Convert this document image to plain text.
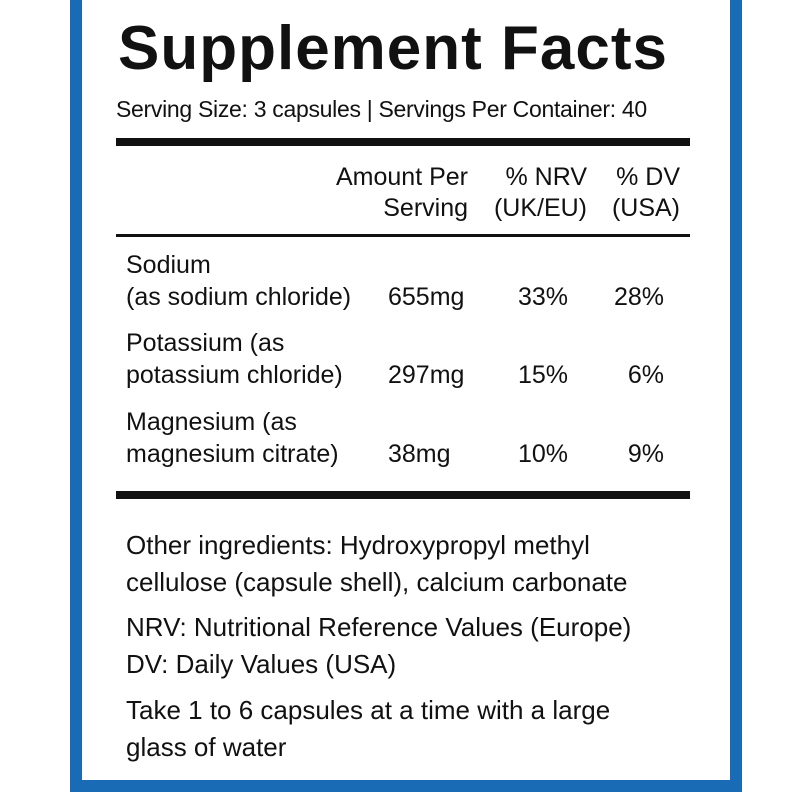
Supplement Facts
Serving Size: 3 capsules | Servings Per Container: 40
Amount Per
Serving
% NRV
(UK/EU)
% DV
(USA)
Sodium
(as sodium chloride) 655mg 33% 28%
Potassium (as
potassium chloride) 297mg 15% 6%
Magnesium (as
magnesium citrate) 38mg	10% 9%
Other ingredients: Hydroxypropyl methyl
cellulose (capsule shell), calcium carbonate
NRV: Nutritional Reference Values (Europe)
DV: Daily Values (USA)
Take 1 to 6 capsules at a time with a large
glass of water
